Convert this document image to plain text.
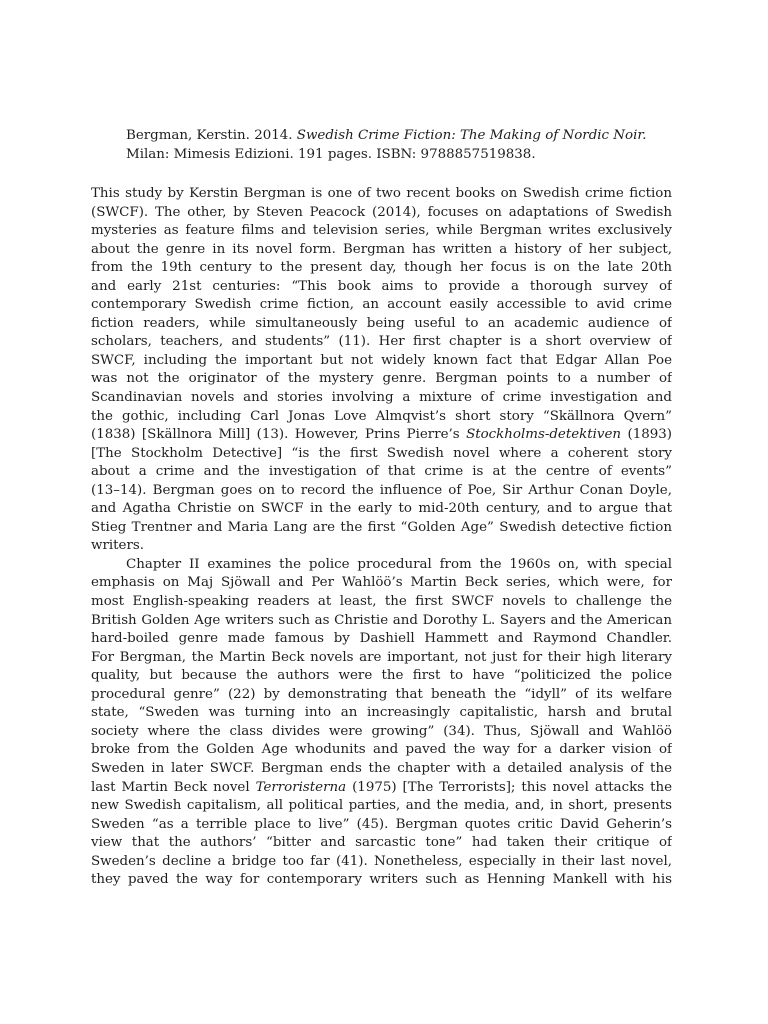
Bergman, Kerstin. 2014. Swedish Crime Fiction: The Making of Nordic Noir.
Milan: Mimesis Edizioni. 191 pages. ISBN: 9788857519838.
This study by Kerstin Bergman is one of two recent books on Swedish crime fiction
(SWCF). The other, by Steven Peacock (2014), focuses on adaptations of Swedish
mysteries as feature films and television series, while Bergman writes exclusively
about the genre in its novel form. Bergman has written a history of her subject,
from the 19th century to the present day, though her focus is on the late 20th
and early 21st centuries: “This book aims to provide a thorough survey of
contemporary Swedish crime fiction, an account easily accessible to avid crime
fiction readers, while simultaneously being useful to an academic audience of
scholars, teachers, and students” (11). Her first chapter is a short overview of
SWCF, including the important but not widely known fact that Edgar Allan Poe
was not the originator of the mystery genre. Bergman points to a number of
Scandinavian novels and stories involving a mixture of crime investigation and
the gothic, including Carl Jonas Love Almqvist’s short story “Skällnora Qvern”
(1838) [Skällnora Mill] (13). However, Prins Pierre’s Stockholms-detektiven (1893)
[The Stockholm Detective] “is the first Swedish novel where a coherent story
about a crime and the investigation of that crime is at the centre of events”
(13–14). Bergman goes on to record the influence of Poe, Sir Arthur Conan Doyle,
and Agatha Christie on SWCF in the early to mid-20th century, and to argue that
Stieg Trentner and Maria Lang are the first “Golden Age” Swedish detective fiction
writers.
Chapter II examines the police procedural from the 1960s on, with special
emphasis on Maj Sjöwall and Per Wahlöö’s Martin Beck series, which were, for
most English-speaking readers at least, the first SWCF novels to challenge the
British Golden Age writers such as Christie and Dorothy L. Sayers and the American
hard-boiled genre made famous by Dashiell Hammett and Raymond Chandler.
For Bergman, the Martin Beck novels are important, not just for their high literary
quality, but because the authors were the first to have “politicized the police
procedural genre” (22) by demonstrating that beneath the “idyll” of its welfare
state, “Sweden was turning into an increasingly capitalistic, harsh and brutal
society where the class divides were growing” (34). Thus, Sjöwall and Wahlöö
broke from the Golden Age whodunits and paved the way for a darker vision of
Sweden in later SWCF. Bergman ends the chapter with a detailed analysis of the
last Martin Beck novel Terroristerna (1975) [The Terrorists]; this novel attacks the
new Swedish capitalism, all political parties, and the media, and, in short, presents
Sweden “as a terrible place to live” (45). Bergman quotes critic David Geherin’s
view that the authors’ “bitter and sarcastic tone” had taken their critique of
Sweden’s decline a bridge too far (41). Nonetheless, especially in their last novel,
they paved the way for contemporary writers such as Henning Mankell with his
